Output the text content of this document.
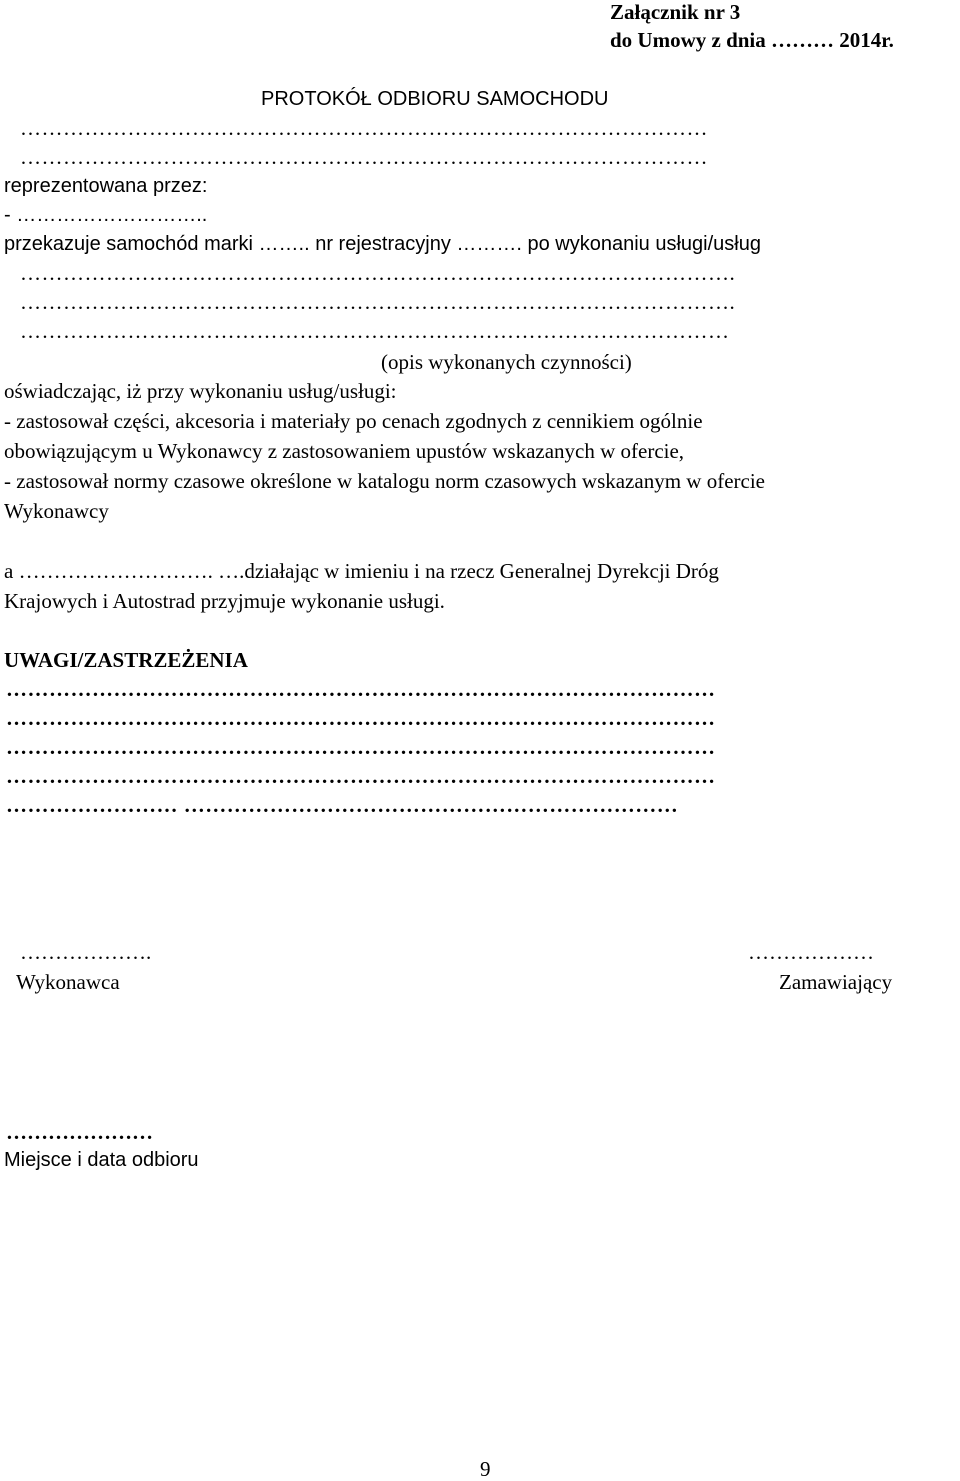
Załącznik nr 3

do Umowy z dnia ……… 2014r.

PROTOKÓŁ ODBIORU SAMOCHODU

……………………………………………………………………………………

……………………………………………………………………………………

reprezentowana przez:

- ………………………..

przekazuje samochód marki …….. nr rejestracyjny ………. po wykonaniu usługi/usług

……………………………………………………………………………………….

……………………………………………………………………………………….

………………………………………………………………………………………

(opis wykonanych czynności)

oświadczając, iż przy wykonaniu usług/usługi:

- zastosował części, akcesoria i materiały po cenach zgodnych z cennikiem ogólnie

obowiązującym u Wykonawcy z zastosowaniem upustów wskazanych w ofercie,

- zastosował normy czasowe określone w katalogu norm czasowych wskazanym w ofercie

Wykonawcy

a ………………………. ….działając w imieniu i na rzecz Generalnej Dyrekcji Dróg

Krajowych i Autostrad przyjmuje wykonanie usługi.

UWAGI/ZASTRZEŻENIA

………………………………………………………………………………………

………………………………………………………………………………………

………………………………………………………………………………………

………………………………………………………………………………………

…………………… ……………………………………………………………

……………….

Wykonawca

………………

Zamawiający

…………………

Miejsce i data odbioru

9
